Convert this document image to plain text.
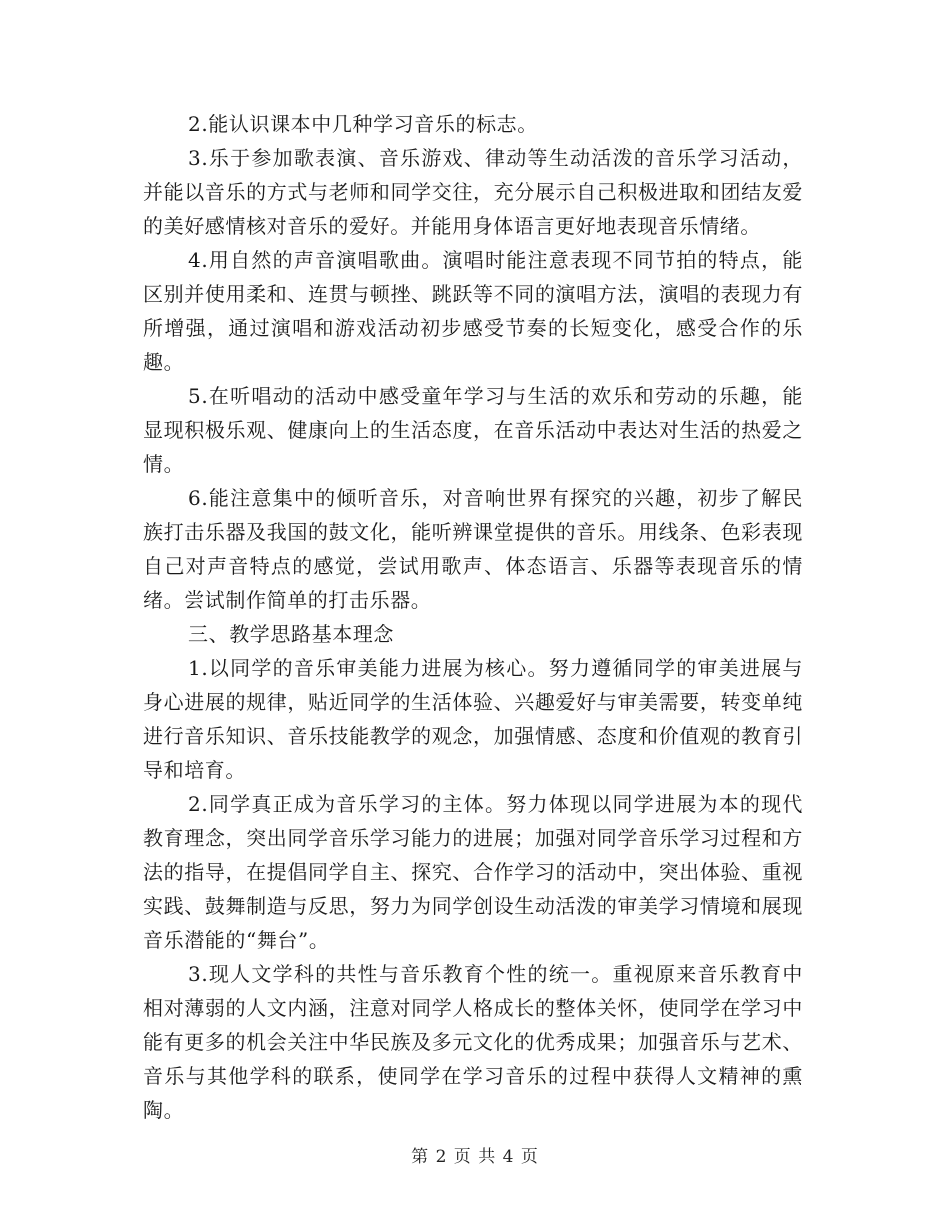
2.能认识课本中几种学习音乐的标志。

3.乐于参加歌表演、音乐游戏、律动等生动活泼的音乐学习活动，并能以音乐的方式与老师和同学交往，充分展示自己积极进取和团结友爱的美好感情核对音乐的爱好。并能用身体语言更好地表现音乐情绪。

4.用自然的声音演唱歌曲。演唱时能注意表现不同节拍的特点，能区别并使用柔和、连贯与顿挫、跳跃等不同的演唱方法，演唱的表现力有所增强，通过演唱和游戏活动初步感受节奏的长短变化，感受合作的乐趣。

5.在听唱动的活动中感受童年学习与生活的欢乐和劳动的乐趣，能显现积极乐观、健康向上的生活态度，在音乐活动中表达对生活的热爱之情。

6.能注意集中的倾听音乐，对音响世界有探究的兴趣，初步了解民族打击乐器及我国的鼓文化，能听辨课堂提供的音乐。用线条、色彩表现自己对声音特点的感觉，尝试用歌声、体态语言、乐器等表现音乐的情绪。尝试制作简单的打击乐器。

三、教学思路基本理念

1.以同学的音乐审美能力进展为核心。努力遵循同学的审美进展与身心进展的规律，贴近同学的生活体验、兴趣爱好与审美需要，转变单纯进行音乐知识、音乐技能教学的观念，加强情感、态度和价值观的教育引导和培育。

2.同学真正成为音乐学习的主体。努力体现以同学进展为本的现代教育理念，突出同学音乐学习能力的进展；加强对同学音乐学习过程和方法的指导，在提倡同学自主、探究、合作学习的活动中，突出体验、重视实践、鼓舞制造与反思，努力为同学创设生动活泼的审美学习情境和展现音乐潜能的“舞台”。

3.现人文学科的共性与音乐教育个性的统一。重视原来音乐教育中相对薄弱的人文内涵，注意对同学人格成长的整体关怀，使同学在学习中能有更多的机会关注中华民族及多元文化的优秀成果；加强音乐与艺术、音乐与其他学科的联系，使同学在学习音乐的过程中获得人文精神的熏陶。

第 2 页 共 4 页
